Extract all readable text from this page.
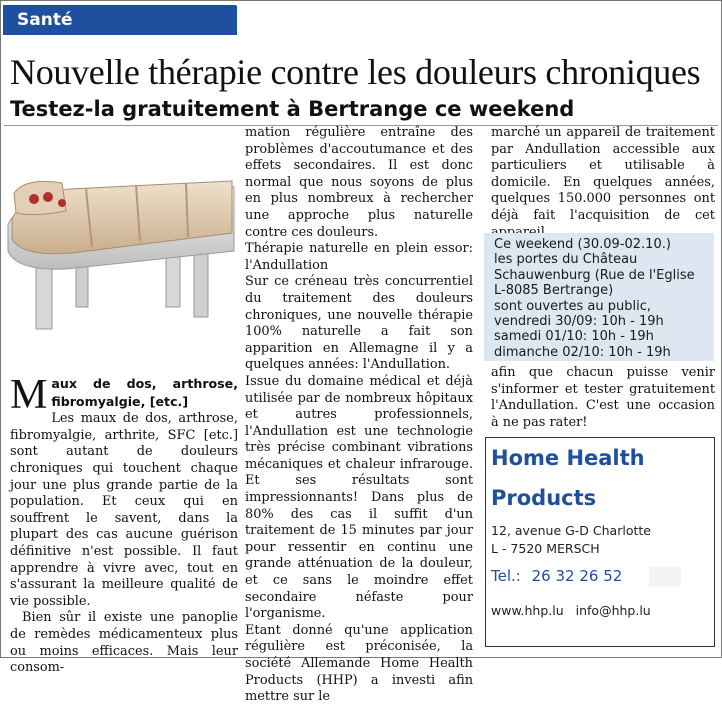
Santé
Nouvelle thérapie contre les douleurs chroniques
Testez-la gratuitement à Bertrange ce weekend

Maux de dos, arthrose, fibromyalgie, [etc.]

Les maux de dos, arthrose, fibromyalgie, arthrite, SFC [etc.] sont autant de douleurs chroniques qui touchent chaque jour une plus grande partie de la population. Et ceux qui en souffrent le savent, dans la plupart des cas aucune guérison définitive n'est possible. Il faut apprendre à vivre avec, tout en s'assurant la meilleure qualité de vie possible.

Bien sûr il existe une panoplie de remèdes médicamenteux plus ou moins efficaces. Mais leur consom-

mation régulière entraîne des problèmes d'accoutumance et des effets secondaires. Il est donc normal que nous soyons de plus en plus nombreux à rechercher une approche plus naturelle contre ces douleurs.

Thérapie naturelle en plein essor: l'Andullation

Sur ce créneau très concurrentiel du traitement des douleurs chroniques, une nouvelle thérapie 100% naturelle a fait son apparition en Allemagne il y a quelques années: l'Andullation.

Issue du domaine médical et déjà utilisée par de nombreux hôpitaux et autres professionnels, l'Andullation est une technologie très précise combinant vibrations mécaniques et chaleur infrarouge. Et ses résultats sont impressionnants! Dans plus de 80% des cas il suffit d'un traitement de 15 minutes par jour pour ressentir en continu une grande atténuation de la douleur, et ce sans le moindre effet secondaire néfaste pour l'organisme.

Etant donné qu'une application régulière est préconisée, la société Allemande Home Health Products (HHP) a investi afin mettre sur le

marché un appareil de traitement par Andullation accessible aux particuliers et utilisable à domicile. En quelques années, quelques 150.000 personnes ont déjà fait l'acquisition de cet

Ce weekend (30.09-02.10.)
les portes du Château
Schauwenburg (Rue de l'Eglise
L-8085 Bertrange)
sont ouvertes au public,
vendredi 30/09: 10h - 19h
samedi 01/10: 10h - 19h
dimanche 02/10: 10h - 19h

afin que chacun puisse venir s'informer et tester gratuitement l'Andullation. C'est une occasion à ne pas rater!

Home Health
Products
12, avenue G-D Charlotte
L - 7520 MERSCH
Tel.: 26 32 26 52
www.hhp.lu info@hhp.lu
